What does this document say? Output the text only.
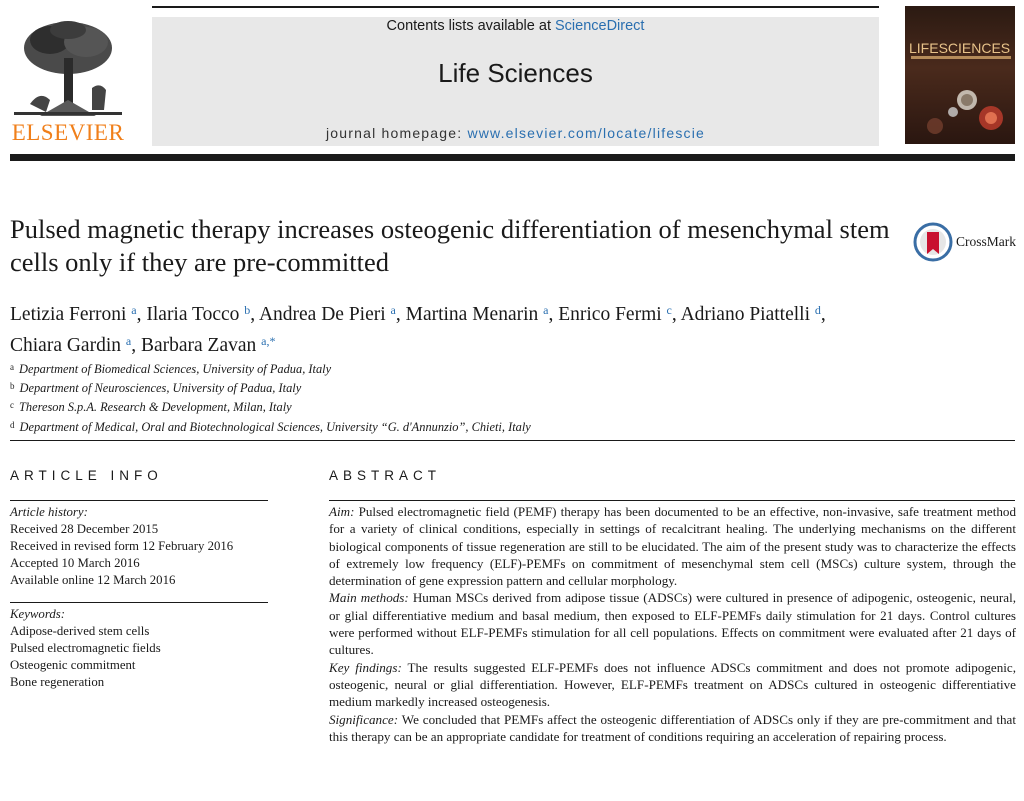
Contents lists available at ScienceDirect
Life Sciences
journal homepage: www.elsevier.com/locate/lifescie
ELSEVIER
LIFESCIENCES
Pulsed magnetic therapy increases osteogenic differentiation of mesenchymal stem cells only if they are pre-committed
CrossMark
Letizia Ferroni $^a$, Ilaria Tocco $^b$, Andrea De Pieri $^a$, Martina Menarin $^a$, Enrico Fermi $^c$, Adriano Piattelli $^d$,
Chiara Gardin $^a$, Barbara Zavan $^{a,*}$
$^a$ Department of Biomedical Sciences, University of Padua, Italy
$^b$ Department of Neurosciences, University of Padua, Italy
$^c$ Thereson S.p.A. Research & Development, Milan, Italy
$^d$ Department of Medical, Oral and Biotechnological Sciences, University “G. d'Annunzio”, Chieti, Italy
ARTICLE INFO
Article history:
Received 28 December 2015
Received in revised form 12 February 2016
Accepted 10 March 2016
Available online 12 March 2016
Keywords:
Adipose-derived stem cells
Pulsed electromagnetic fields
Osteogenic commitment
Bone regeneration
ABSTRACT

Aim: Pulsed electromagnetic field (PEMF) therapy has been documented to be an effective, non-invasive, safe treatment method for a variety of clinical conditions, especially in settings of recalcitrant healing. The underlying mechanisms on the different biological components of tissue regeneration are still to be elucidated. The aim of the present study was to characterize the effects of extremely low frequency (ELF)-PEMFs on commitment of mesenchymal stem cell (MSCs) culture system, through the determination of gene expression pattern and cellular morphology.

Main methods: Human MSCs derived from adipose tissue (ADSCs) were cultured in presence of adipogenic, osteogenic, neural, or glial differentiative medium and basal medium, then exposed to ELF-PEMFs daily stimulation for 21 days. Control cultures were performed without ELF-PEMFs stimulation for all cell populations. Effects on commitment were evaluated after 21 days of cultures.

Key findings: The results suggested ELF-PEMFs does not influence ADSCs commitment and does not promote adipogenic, osteogenic, neural or glial differentiation. However, ELF-PEMFs treatment on ADSCs cultured in osteogenic differentiative medium markedly increased osteogenesis.

Significance: We concluded that PEMFs affect the osteogenic differentiation of ADSCs only if they are pre-commitment and that this therapy can be an appropriate candidate for treatment of conditions requiring an acceleration of repairing process.
